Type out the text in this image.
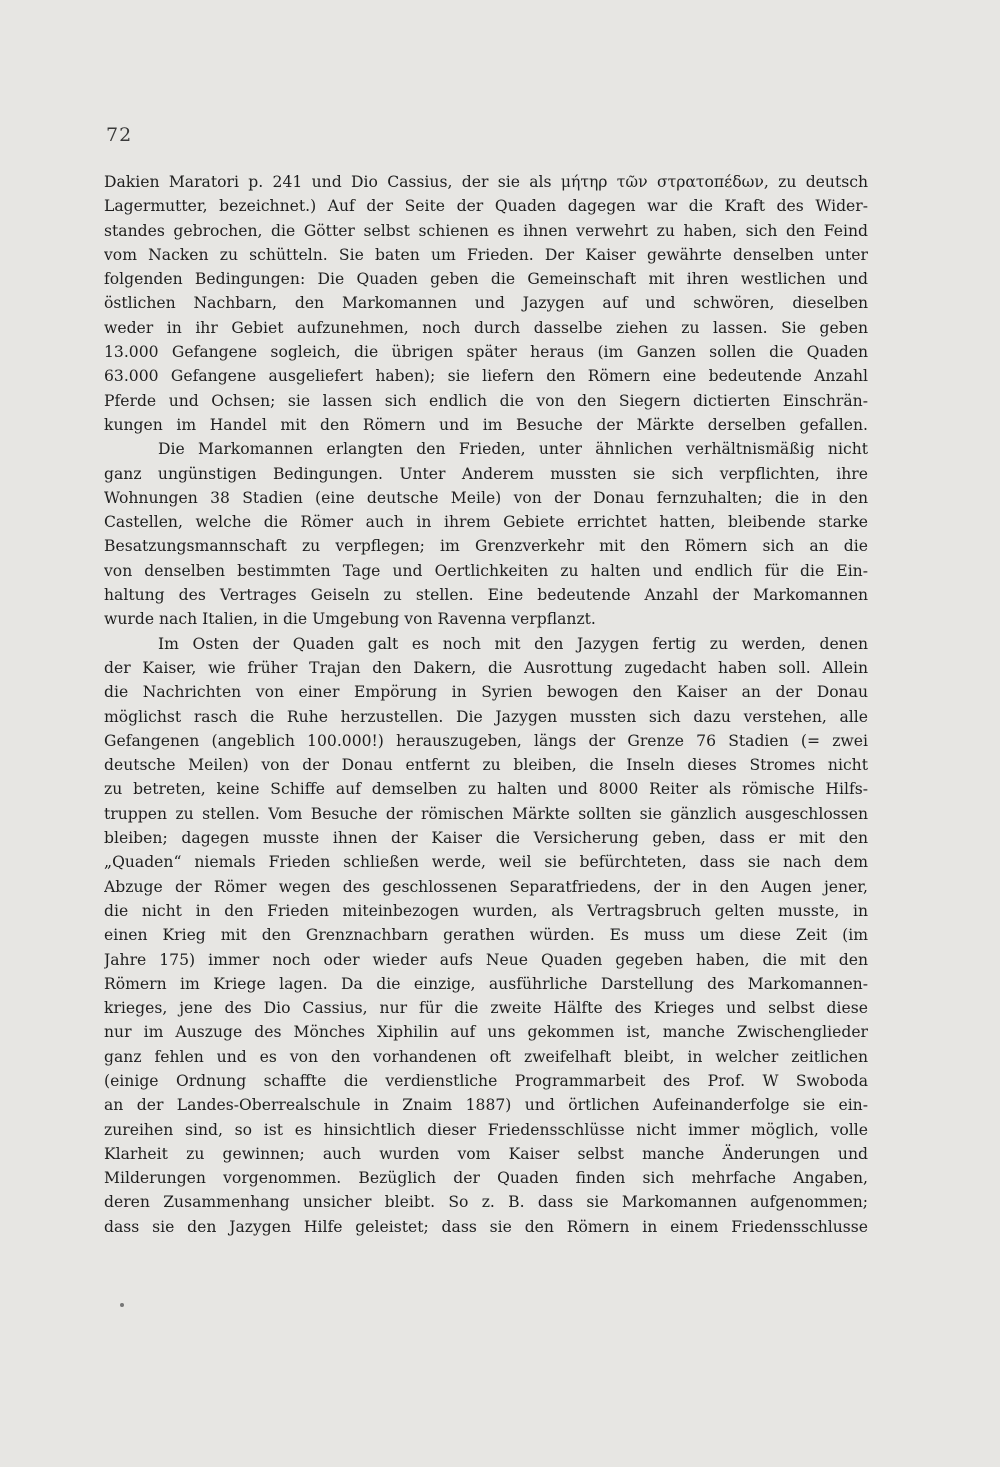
72
Dakien Maratori p. 241 und Dio Cassius, der sie als μήτηρ τῶν στρατοπέδων, zu deutsch
Lagermutter, bezeichnet.) Auf der Seite der Quaden dagegen war die Kraft des Wider-
standes gebrochen, die Götter selbst schienen es ihnen verwehrt zu haben, sich den Feind
vom Nacken zu schütteln. Sie baten um Frieden. Der Kaiser gewährte denselben unter
folgenden Bedingungen: Die Quaden geben die Gemeinschaft mit ihren westlichen und
östlichen Nachbarn, den Markomannen und Jazygen auf und schwören, dieselben
weder in ihr Gebiet aufzunehmen, noch durch dasselbe ziehen zu lassen. Sie geben
13.000 Gefangene sogleich, die übrigen später heraus (im Ganzen sollen die Quaden
63.000 Gefangene ausgeliefert haben); sie liefern den Römern eine bedeutende Anzahl
Pferde und Ochsen; sie lassen sich endlich die von den Siegern dictierten Einschrän-
kungen im Handel mit den Römern und im Besuche der Märkte derselben gefallen.
Die Markomannen erlangten den Frieden, unter ähnlichen verhältnismäßig nicht
ganz ungünstigen Bedingungen. Unter Anderem mussten sie sich verpflichten, ihre
Wohnungen 38 Stadien (eine deutsche Meile) von der Donau fernzuhalten; die in den
Castellen, welche die Römer auch in ihrem Gebiete errichtet hatten, bleibende starke
Besatzungsmannschaft zu verpflegen; im Grenzverkehr mit den Römern sich an die
von denselben bestimmten Tage und Oertlichkeiten zu halten und endlich für die Ein-
haltung des Vertrages Geiseln zu stellen. Eine bedeutende Anzahl der Markomannen
wurde nach Italien, in die Umgebung von Ravenna verpflanzt.
Im Osten der Quaden galt es noch mit den Jazygen fertig zu werden, denen
der Kaiser, wie früher Trajan den Dakern, die Ausrottung zugedacht haben soll. Allein
die Nachrichten von einer Empörung in Syrien bewogen den Kaiser an der Donau
möglichst rasch die Ruhe herzustellen. Die Jazygen mussten sich dazu verstehen, alle
Gefangenen (angeblich 100.000!) herauszugeben, längs der Grenze 76 Stadien (= zwei
deutsche Meilen) von der Donau entfernt zu bleiben, die Inseln dieses Stromes nicht
zu betreten, keine Schiffe auf demselben zu halten und 8000 Reiter als römische Hilfs-
truppen zu stellen. Vom Besuche der römischen Märkte sollten sie gänzlich ausgeschlossen
bleiben; dagegen musste ihnen der Kaiser die Versicherung geben, dass er mit den
„Quaden“ niemals Frieden schließen werde, weil sie befürchteten, dass sie nach dem
Abzuge der Römer wegen des geschlossenen Separatfriedens, der in den Augen jener,
die nicht in den Frieden miteinbezogen wurden, als Vertragsbruch gelten musste, in
einen Krieg mit den Grenznachbarn gerathen würden. Es muss um diese Zeit (im
Jahre 175) immer noch oder wieder aufs Neue Quaden gegeben haben, die mit den
Römern im Kriege lagen. Da die einzige, ausführliche Darstellung des Markomannen-
krieges, jene des Dio Cassius, nur für die zweite Hälfte des Krieges und selbst diese
nur im Auszuge des Mönches Xiphilin auf uns gekommen ist, manche Zwischenglieder
ganz fehlen und es von den vorhandenen oft zweifelhaft bleibt, in welcher zeitlichen
(einige Ordnung schaffte die verdienstliche Programmarbeit des Prof. W Swoboda
an der Landes-Oberrealschule in Znaim 1887) und örtlichen Aufeinanderfolge sie ein-
zureihen sind, so ist es hinsichtlich dieser Friedensschlüsse nicht immer möglich, volle
Klarheit zu gewinnen; auch wurden vom Kaiser selbst manche Änderungen und
Milderungen vorgenommen. Bezüglich der Quaden finden sich mehrfache Angaben,
deren Zusammenhang unsicher bleibt. So z. B. dass sie Markomannen aufgenommen;
dass sie den Jazygen Hilfe geleistet; dass sie den Römern in einem Friedensschlusse
